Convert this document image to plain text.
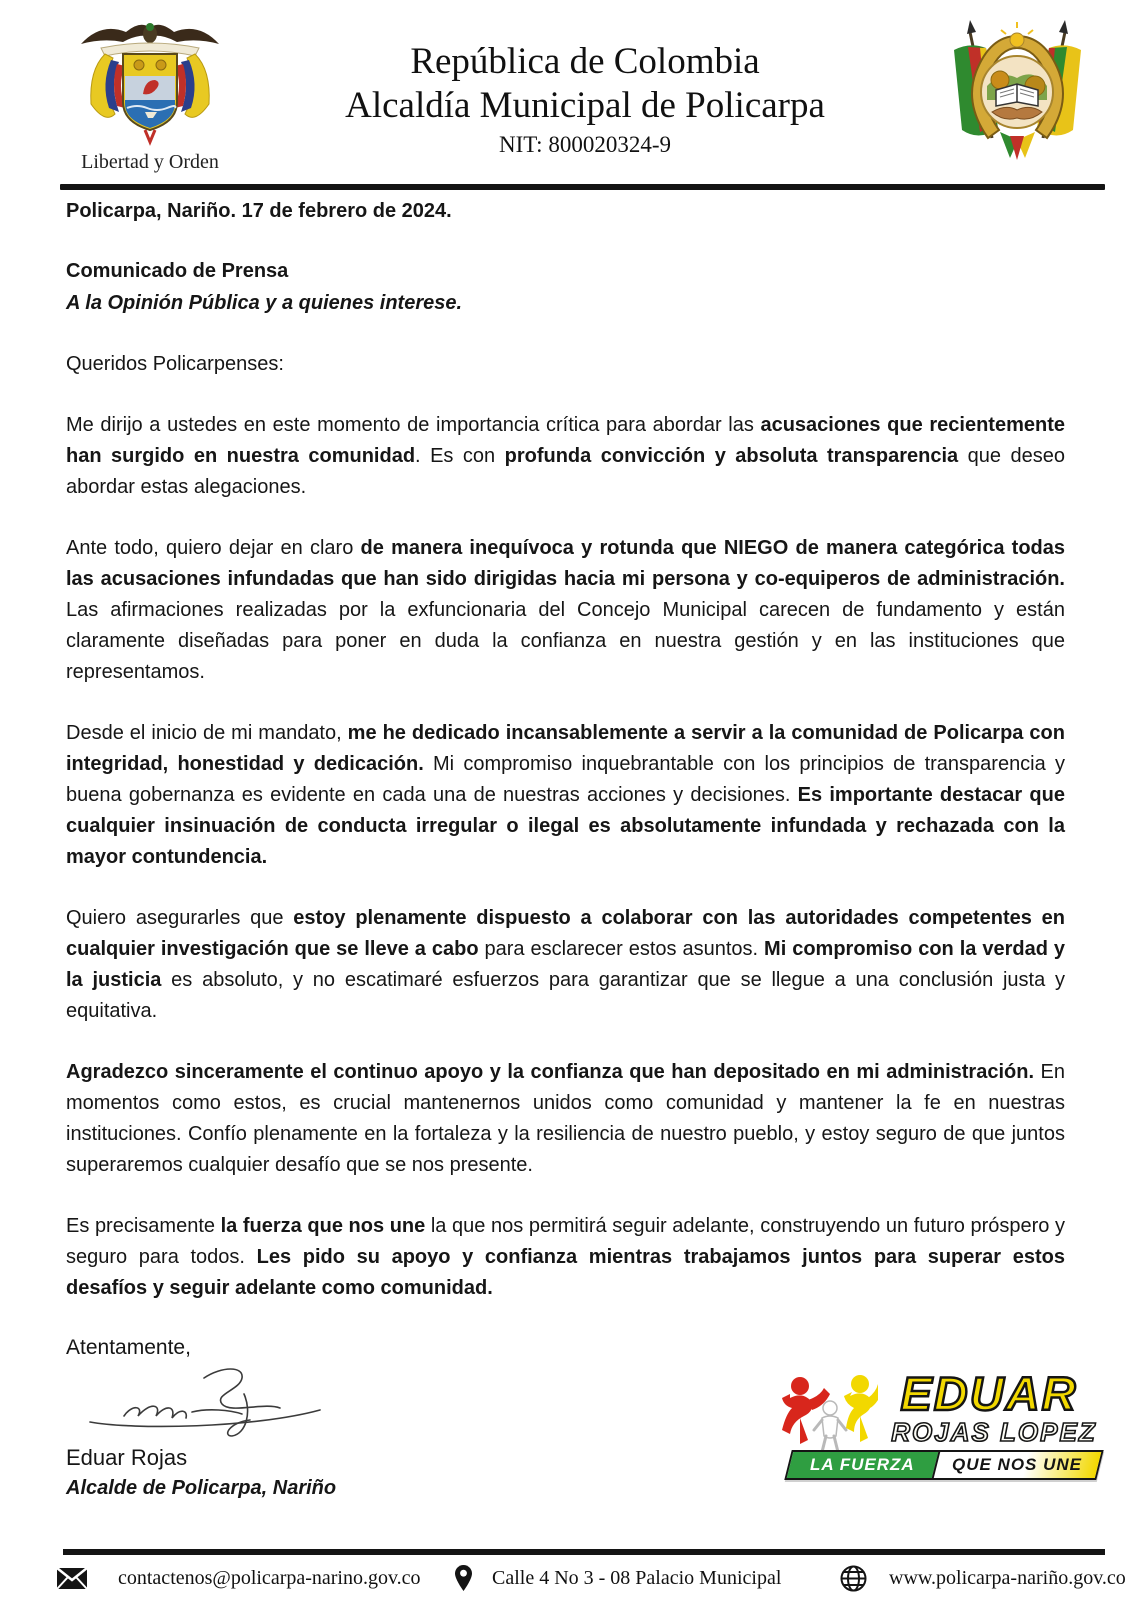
Libertad y Orden
República de Colombia
Alcaldía Municipal de Policarpa
NIT: 800020324-9
Policarpa, Nariño. 17 de febrero de 2024.
Comunicado de Prensa
A la Opinión Pública y a quienes interese.
Queridos Policarpenses:

Me dirijo a ustedes en este momento de importancia crítica para abordar las acusaciones que recientemente han surgido en nuestra comunidad. Es con profunda convicción y absoluta transparencia que deseo abordar estas alegaciones.

Ante todo, quiero dejar en claro de manera inequívoca y rotunda que NIEGO de manera categórica todas las acusaciones infundadas que han sido dirigidas hacia mi persona y co-equiperos de administración. Las afirmaciones realizadas por la exfuncionaria del Concejo Municipal carecen de fundamento y están claramente diseñadas para poner en duda la confianza en nuestra gestión y en las instituciones que representamos.

Desde el inicio de mi mandato, me he dedicado incansablemente a servir a la comunidad de Policarpa con integridad, honestidad y dedicación. Mi compromiso inquebrantable con los principios de transparencia y buena gobernanza es evidente en cada una de nuestras acciones y decisiones. Es importante destacar que cualquier insinuación de conducta irregular o ilegal es absolutamente infundada y rechazada con la mayor contundencia.

Quiero asegurarles que estoy plenamente dispuesto a colaborar con las autoridades competentes en cualquier investigación que se lleve a cabo para esclarecer estos asuntos. Mi compromiso con la verdad y la justicia es absoluto, y no escatimaré esfuerzos para garantizar que se llegue a una conclusión justa y equitativa.

Agradezco sinceramente el continuo apoyo y la confianza que han depositado en mi administración. En momentos como estos, es crucial mantenernos unidos como comunidad y mantener la fe en nuestras instituciones. Confío plenamente en la fortaleza y la resiliencia de nuestro pueblo, y estoy seguro de que juntos superaremos cualquier desafío que se nos presente.

Es precisamente la fuerza que nos une la que nos permitirá seguir adelante, construyendo un futuro próspero y seguro para todos. Les pido su apoyo y confianza mientras trabajamos juntos para superar estos desafíos y seguir adelante como comunidad.

Atentamente,
Eduar Rojas
Alcalde de Policarpa, Nariño
EDUAR
ROJAS LOPEZ
LA FUERZA QUE NOS UNE
contactenos@policarpa-narino.gov.co	Calle 4 No 3 - 08 Palacio Municipal	www.policarpa-nariño.gov.co
